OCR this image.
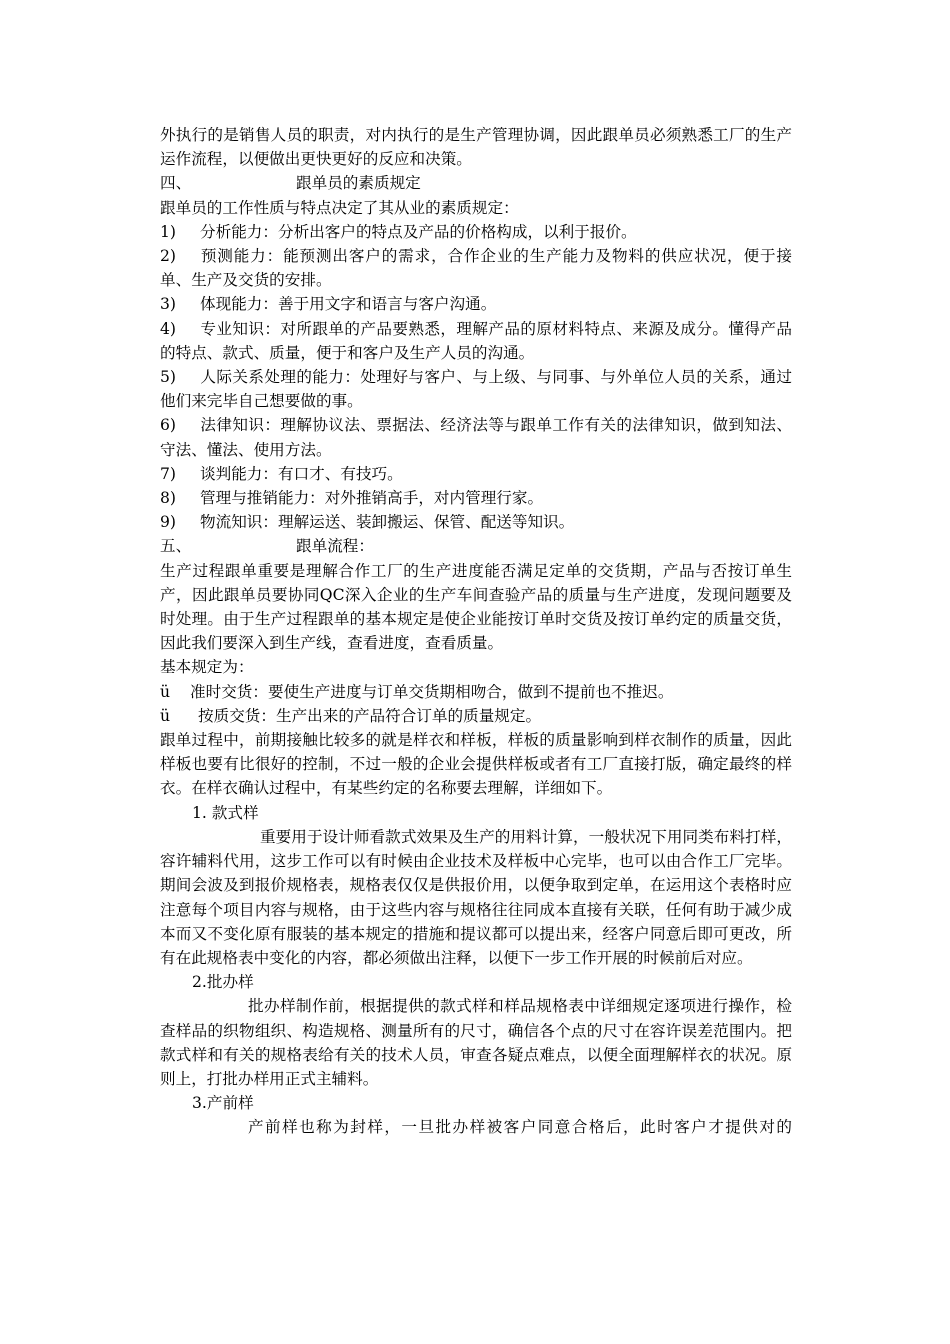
外执行的是销售人员的职责，对内执行的是生产管理协调，因此跟单员必须熟悉工厂的生产运作流程，以便做出更快更好的反应和决策。

四、	跟单员的素质规定

跟单员的工作性质与特点决定了其从业的素质规定：

1)	分析能力：分析出客户的特点及产品的价格构成，以利于报价。

2) 预测能力：能预测出客户的需求，合作企业的生产能力及物料的供应状况，便于接单、生产及交货的安排。

3)	体现能力：善于用文字和语言与客户沟通。

4) 专业知识：对所跟单的产品要熟悉，理解产品的原材料特点、来源及成分。懂得产品的特点、款式、质量，便于和客户及生产人员的沟通。

5) 人际关系处理的能力：处理好与客户、与上级、与同事、与外单位人员的关系，通过他们来完毕自己想要做的事。

6) 法律知识：理解协议法、票据法、经济法等与跟单工作有关的法律知识，做到知法、守法、懂法、使用方法。

7)	谈判能力：有口才、有技巧。

8)	管理与推销能力：对外推销高手，对内管理行家。

9)	物流知识：理解运送、装卸搬运、保管、配送等知识。

五、	跟单流程：

生产过程跟单重要是理解合作工厂的生产进度能否满足定单的交货期，产品与否按订单生产，因此跟单员要协同QC深入企业的生产车间查验产品的质量与生产进度，发现问题要及时处理。由于生产过程跟单的基本规定是使企业能按订单时交货及按订单约定的质量交货，因此我们要深入到生产线，查看进度，查看质量。

基本规定为：

ü 准时交货：要使生产进度与订单交货期相吻合，做到不提前也不推迟。

ü 按质交货：生产出来的产品符合订单的质量规定。

跟单过程中，前期接触比较多的就是样衣和样板，样板的质量影响到样衣制作的质量，因此样板也要有比很好的控制，不过一般的企业会提供样板或者有工厂直接打版，确定最终的样衣。在样衣确认过程中，有某些约定的名称要去理解，详细如下。

1. 款式样

重要用于设计师看款式效果及生产的用料计算，一般状况下用同类布料打样，容许辅料代用，这步工作可以有时候由企业技术及样板中心完毕，也可以由合作工厂完毕。期间会波及到报价规格表，规格表仅仅是供报价用，以便争取到定单，在运用这个表格时应注意每个项目内容与规格，由于这些内容与规格往往同成本直接有关联，任何有助于减少成本而又不变化原有服装的基本规定的措施和提议都可以提出来，经客户同意后即可更改，所有在此规格表中变化的内容，都必须做出注释，以便下一步工作开展的时候前后对应。

2.批办样

批办样制作前，根据提供的款式样和样品规格表中详细规定逐项进行操作，检查样品的织物组织、构造规格、测量所有的尺寸，确信各个点的尺寸在容许误差范围内。把款式样和有关的规格表给有关的技术人员，审查各疑点难点，以便全面理解样衣的状况。原则上，打批办样用正式主辅料。

3.产前样

产前样也称为封样，一旦批办样被客户同意合格后，此时客户才提供对的
